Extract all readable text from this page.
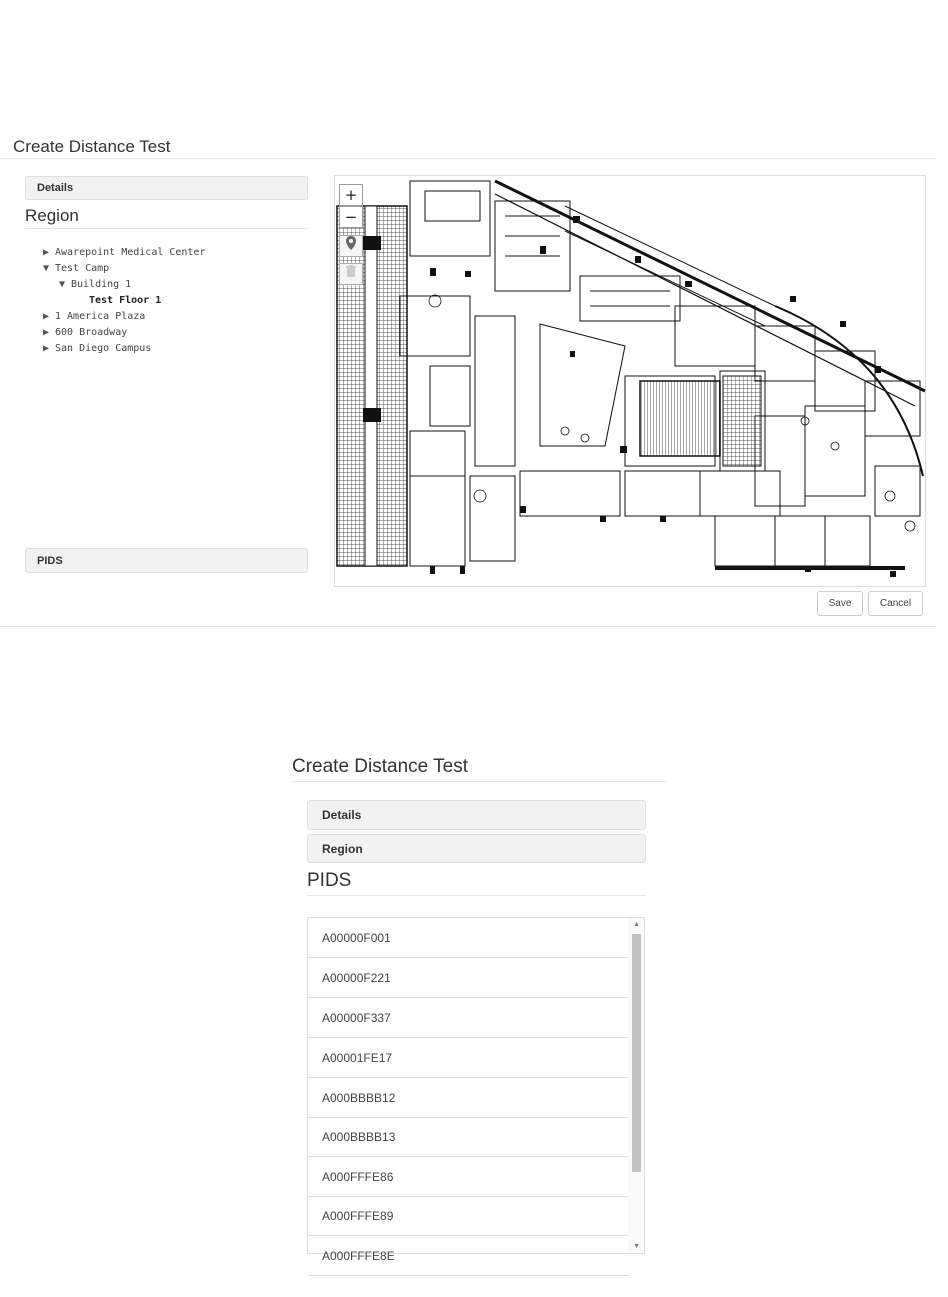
Create Distance Test
Details
Region
▶ Awarepoint Medical Center
▼ Test Camp
▼ Building 1
Test Floor 1
▶ 1 America Plaza
▶ 600 Broadway
▶ San Diego Campus
PIDS
+
−
Save	Cancel
Create Distance Test
Details
Region
PIDS
A00000F001
A00000F221
A00000F337
A00001FE17
A000BBBB12
A000BBBB13
A000FFFE86
A000FFFE89
A000FFFE8E
▲
▼
